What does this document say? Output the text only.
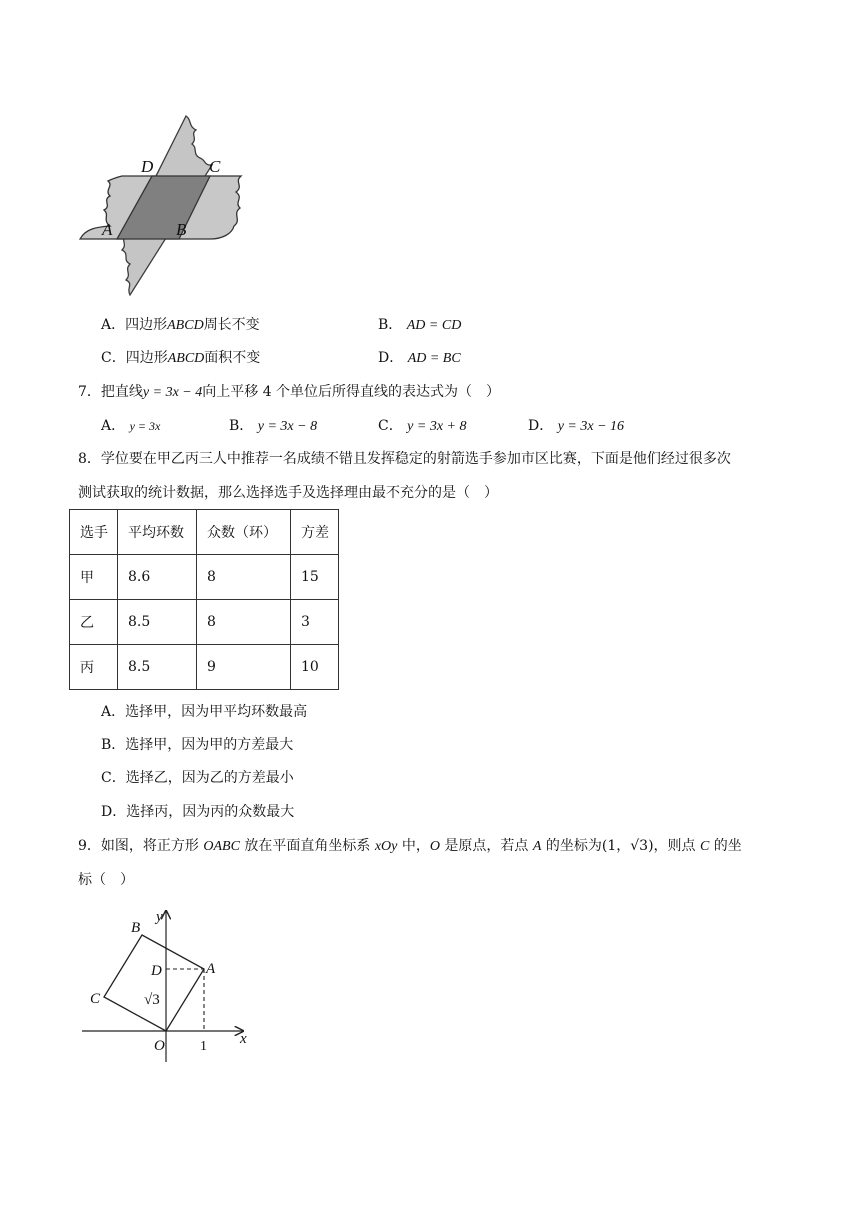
D	C
A	B
A．四边形ABCD周长不变	B． AD = CD
C．四边形ABCD面积不变	D． AD = BC
7．把直线y = 3x − 4向上平移 4 个单位后所得直线的表达式为（　）
A． y = 3x	B． y = 3x − 8	C． y = 3x + 8	D． y = 3x − 16
8．学位要在甲乙丙三人中推荐一名成绩不错且发挥稳定的射箭选手参加市区比赛，下面是他们经过很多次
测试获取的统计数据，那么选择选手及选择理由最不充分的是（　）
选手	平均环数	众数（环）	方差
甲	8.6	8	15
乙	8.5	8	3
丙	8.5	9	10
A．选择甲，因为甲平均环数最高
B．选择甲，因为甲的方差最大
C．选择乙，因为乙的方差最小
D．选择丙，因为丙的众数最大
9．如图，将正方形 OABC 放在平面直角坐标系 xOy 中，O 是原点，若点 A 的坐标为(1，√3)，则点 C 的坐
标（　）
y
x
B
D	A
C	√3
O	1
